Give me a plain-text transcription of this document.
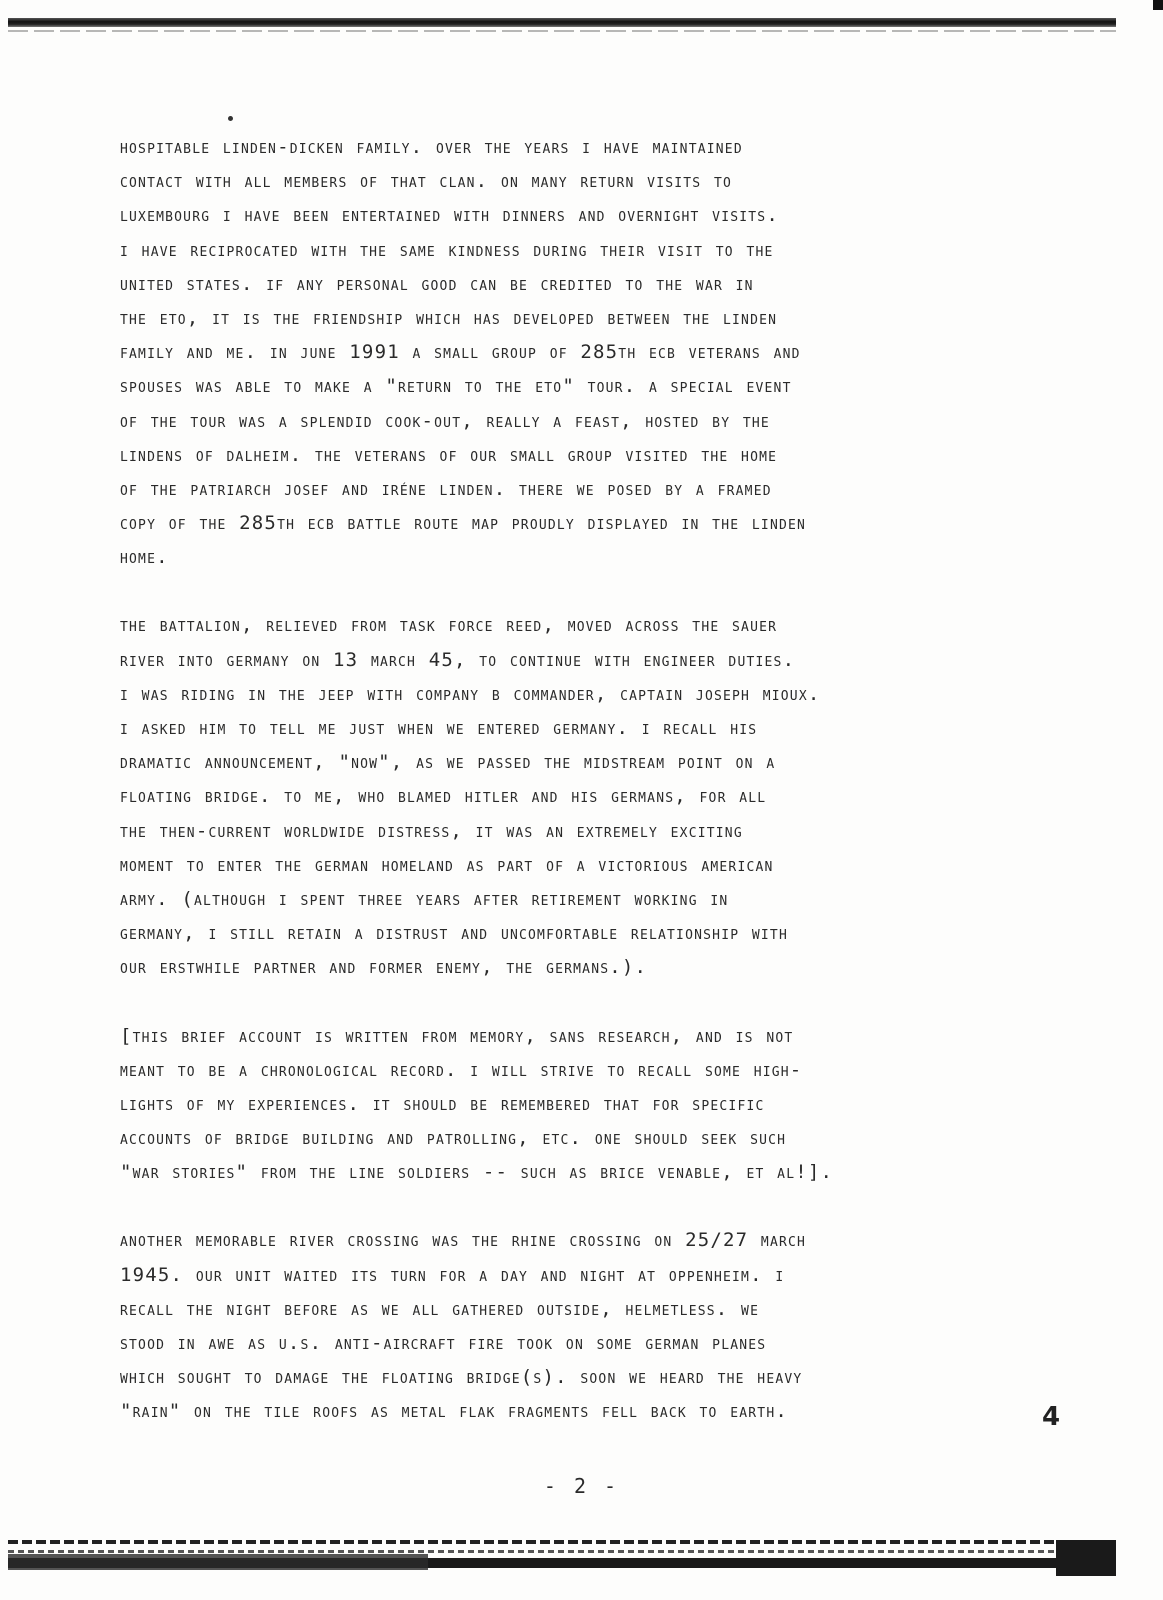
hospitable linden-dicken family. over the years i have maintained
contact with all members of that clan. on many return visits to
luxembourg i have been entertained with dinners and overnight visits.
i have reciprocated with the same kindness during their visit to the
united states. if any personal good can be credited to the war in
the eto, it is the friendship which has developed between the linden
family and me. in june 1991 a small group of 285th ecb veterans and
spouses was able to make a "return to the eto" tour. a special event
of the tour was a splendid cook-out, really a feast, hosted by the
lindens of dalheim. the veterans of our small group visited the home
of the patriarch josef and iréne linden. there we posed by a framed
copy of the 285th ecb battle route map proudly displayed in the linden
home.
the battalion, relieved from task force reed, moved across the sauer
river into germany on 13 march 45, to continue with engineer duties.
i was riding in the jeep with company b commander, captain joseph mioux.
i asked him to tell me just when we entered germany. i recall his
dramatic announcement, "now", as we passed the midstream point on a
floating bridge. to me, who blamed hitler and his germans, for all
the then-current worldwide distress, it was an extremely exciting
moment to enter the german homeland as part of a victorious american
army. (although i spent three years after retirement working in
germany, i still retain a distrust and uncomfortable relationship with
our erstwhile partner and former enemy, the germans.).
[this brief account is written from memory, sans research, and is not
meant to be a chronological record. i will strive to recall some high-
lights of my experiences. it should be remembered that for specific
accounts of bridge building and patrolling, etc. one should seek such
"war stories" from the line soldiers -- such as brice venable, et al!].
another memorable river crossing was the rhine crossing on 25/27 march
1945. our unit waited its turn for a day and night at oppenheim. i
recall the night before as we all gathered outside, helmetless. we
stood in awe as u.s. anti-aircraft fire took on some german planes
which sought to damage the floating bridge(s). soon we heard the heavy
"rain" on the tile roofs as metal flak fragments fell back to earth.	4
- 2 -
